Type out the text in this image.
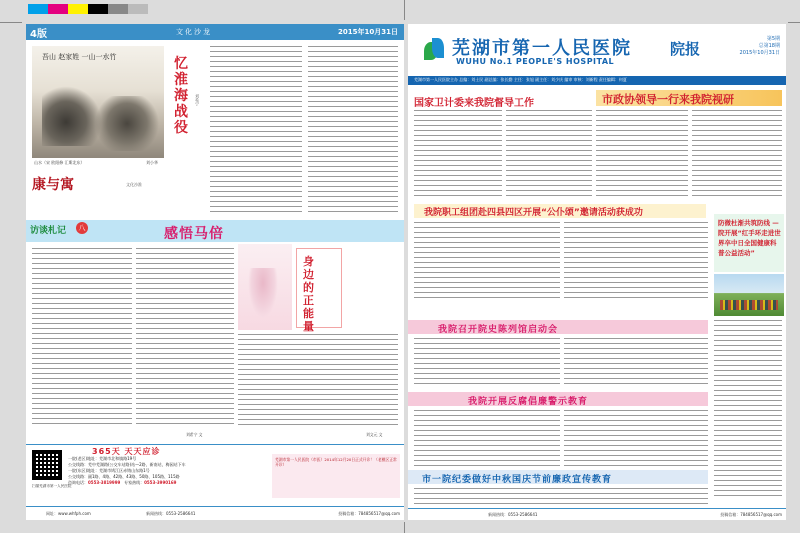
4版	文化沙龙	2015年10月31日
吾山 赵家姓 一山一水竹
山水（宋 欧阳修 汇斯北东）	刘小华
忆
淮
海
战
役
刘希宁
康与寓	文化沙淮
访谈札记	八	感悟马倍
刘希宁 文
身边的正能量
刘文元 文
扫描芜湖市第一人民医院
365天 天天应诊
一院(老区)地址：芜湖市北和镇路19号
公交线路：芜中芜湖路(公交车站路)站—2路，新南站，梅园站下车
一院(东区)地址：芜湖市鸠江区赤铸山东路1号
公交线路：副1路、4路、42路、43路、50路、105路、115路
咨询电话：0553-3819999 专家热线：0553-3990169
芜湖市第一人民医院（市医）2014年12月20日正式开诊！（老模区正常开诊）
网址：www.whfph.com	新闻热线：0553-2586641	投稿信箱：784856517@qq.com
芜湖市第一人民医院
WUHU No.1 PEOPLE'S HOSPITAL
院报
第5期
总第18期
2015年10月31日
芜湖市第一人民医院主办 总编：刘士民 副总编：张长勤 主任：张旭 副主任：刘少庆 编审 审核：刘新程 责任编辑：何夏
国家卫计委来我院督导工作	市政协领导一行来我院视研
我院职工组团赴四县四区开展“公仆颂”邀请活动获成功
防微杜渐共筑防线 —院开展“红手环走进世界卒中日全国健康科普公益活动”
我院召开院史陈列馆启动会
我院开展反腐倡廉警示教育
市一院纪委做好中秋国庆节前廉政宣传教育
新闻热线：0553-2586641	投稿信箱：784856517@qq.com
